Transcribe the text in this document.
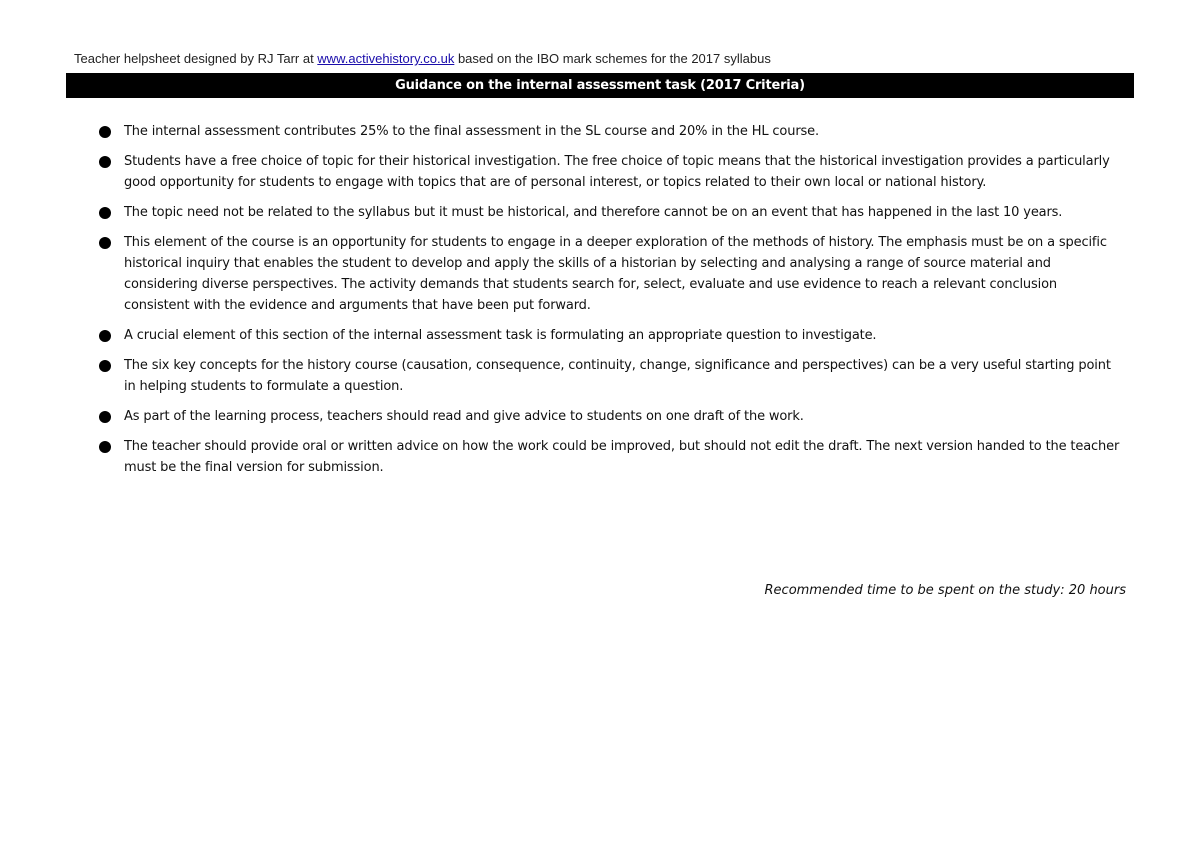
Teacher helpsheet designed by RJ Tarr at www.activehistory.co.uk based on the IBO mark schemes for the 2017 syllabus
Guidance on the internal assessment task (2017 Criteria)
The internal assessment contributes 25% to the final assessment in the SL course and 20% in the HL course.
Students have a free choice of topic for their historical investigation. The free choice of topic means that the historical investigation provides a particularly good opportunity for students to engage with topics that are of personal interest, or topics related to their own local or national history.
The topic need not be related to the syllabus but it must be historical, and therefore cannot be on an event that has happened in the last 10 years.
This element of the course is an opportunity for students to engage in a deeper exploration of the methods of history. The emphasis must be on a specific historical inquiry that enables the student to develop and apply the skills of a historian by selecting and analysing a range of source material and considering diverse perspectives. The activity demands that students search for, select, evaluate and use evidence to reach a relevant conclusion consistent with the evidence and arguments that have been put forward.
A crucial element of this section of the internal assessment task is formulating an appropriate question to investigate.
The six key concepts for the history course (causation, consequence, continuity, change, significance and perspectives) can be a very useful starting point in helping students to formulate a question.
As part of the learning process, teachers should read and give advice to students on one draft of the work.
The teacher should provide oral or written advice on how the work could be improved, but should not edit the draft. The next version handed to the teacher must be the final version for submission.
Recommended time to be spent on the study: 20 hours
